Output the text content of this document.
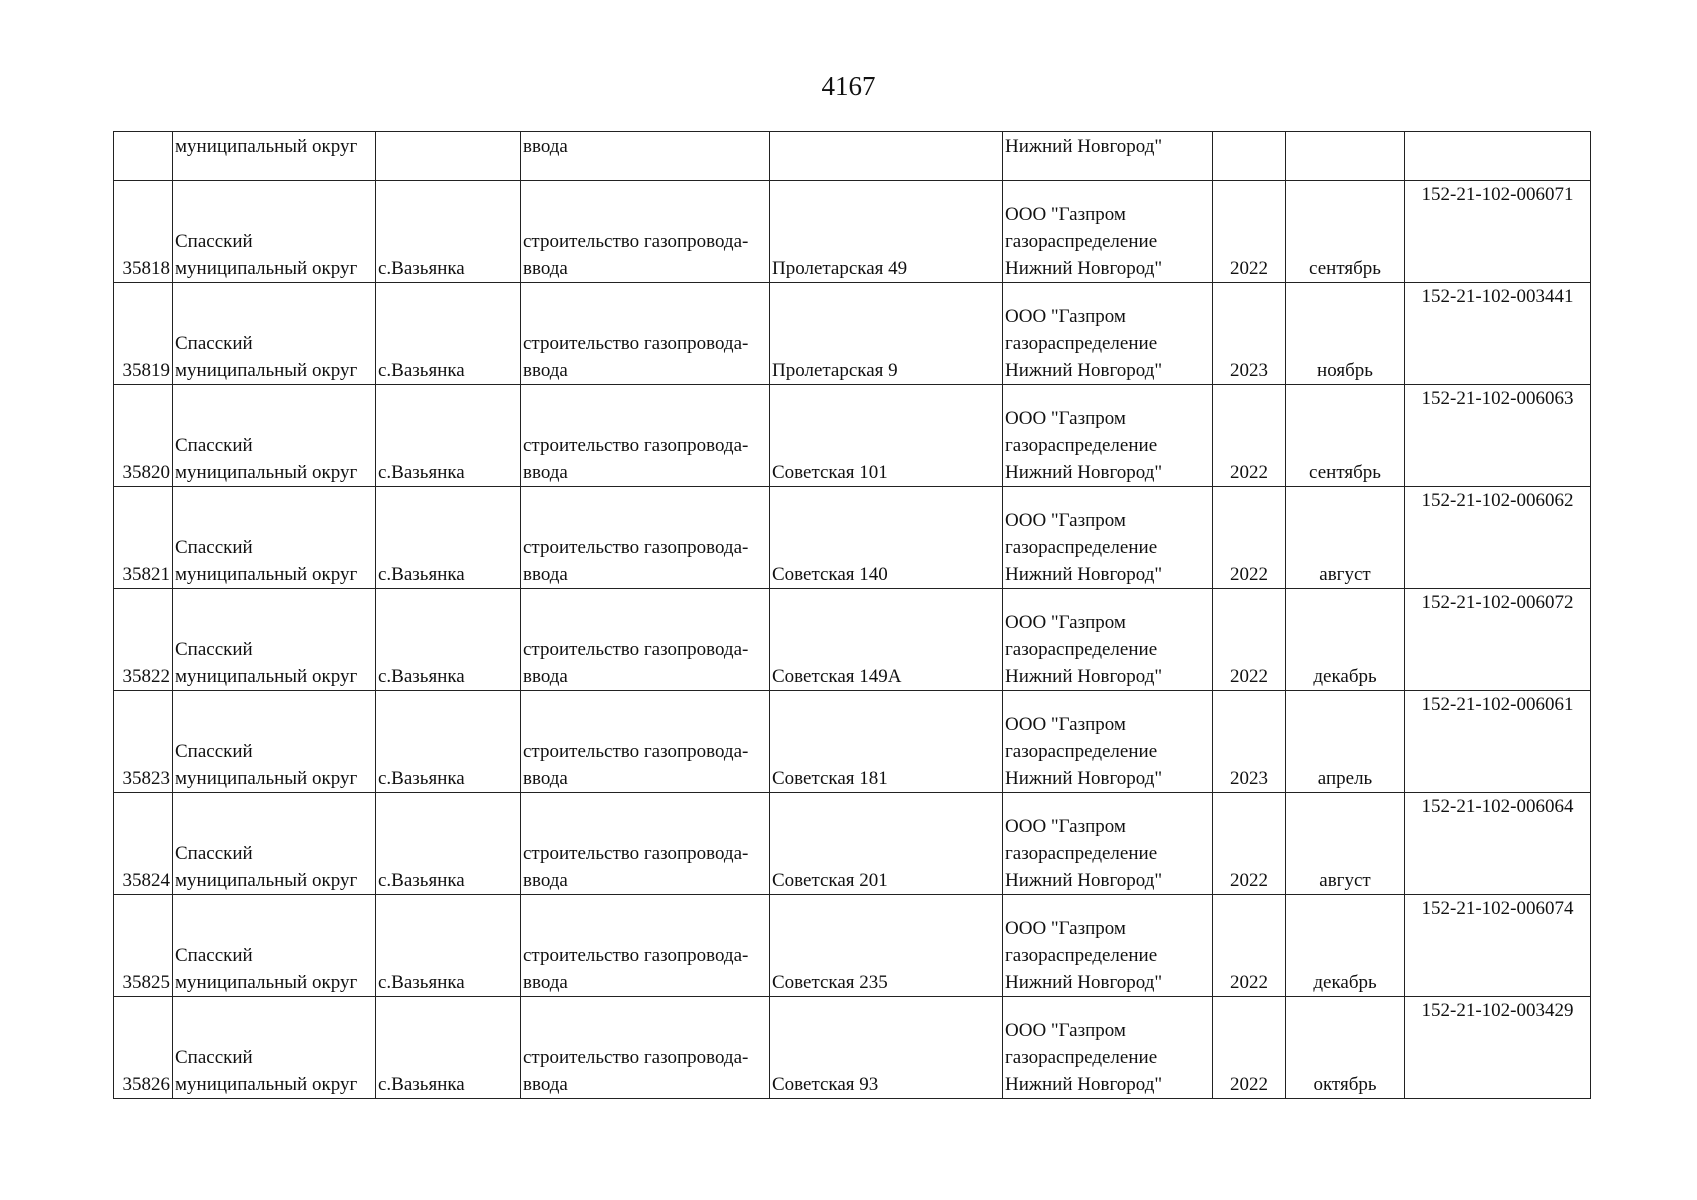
4167
	муниципальный округ		ввода		Нижний Новгород"			
35818	Спасский
муниципальный округ	с.Вазьянка	строительство газопровода-
ввода	Пролетарская 49	ООО "Газпром
газораспределение
Нижний Новгород"	2022	сентябрь	152-21-102-006071
35819	Спасский
муниципальный округ	с.Вазьянка	строительство газопровода-
ввода	Пролетарская 9	ООО "Газпром
газораспределение
Нижний Новгород"	2023	ноябрь	152-21-102-003441
35820	Спасский
муниципальный округ	с.Вазьянка	строительство газопровода-
ввода	Советская 101	ООО "Газпром
газораспределение
Нижний Новгород"	2022	сентябрь	152-21-102-006063
35821	Спасский
муниципальный округ	с.Вазьянка	строительство газопровода-
ввода	Советская 140	ООО "Газпром
газораспределение
Нижний Новгород"	2022	август	152-21-102-006062
35822	Спасский
муниципальный округ	с.Вазьянка	строительство газопровода-
ввода	Советская 149А	ООО "Газпром
газораспределение
Нижний Новгород"	2022	декабрь	152-21-102-006072
35823	Спасский
муниципальный округ	с.Вазьянка	строительство газопровода-
ввода	Советская 181	ООО "Газпром
газораспределение
Нижний Новгород"	2023	апрель	152-21-102-006061
35824	Спасский
муниципальный округ	с.Вазьянка	строительство газопровода-
ввода	Советская 201	ООО "Газпром
газораспределение
Нижний Новгород"	2022	август	152-21-102-006064
35825	Спасский
муниципальный округ	с.Вазьянка	строительство газопровода-
ввода	Советская 235	ООО "Газпром
газораспределение
Нижний Новгород"	2022	декабрь	152-21-102-006074
35826	Спасский
муниципальный округ	с.Вазьянка	строительство газопровода-
ввода	Советская 93	ООО "Газпром
газораспределение
Нижний Новгород"	2022	октябрь	152-21-102-003429
